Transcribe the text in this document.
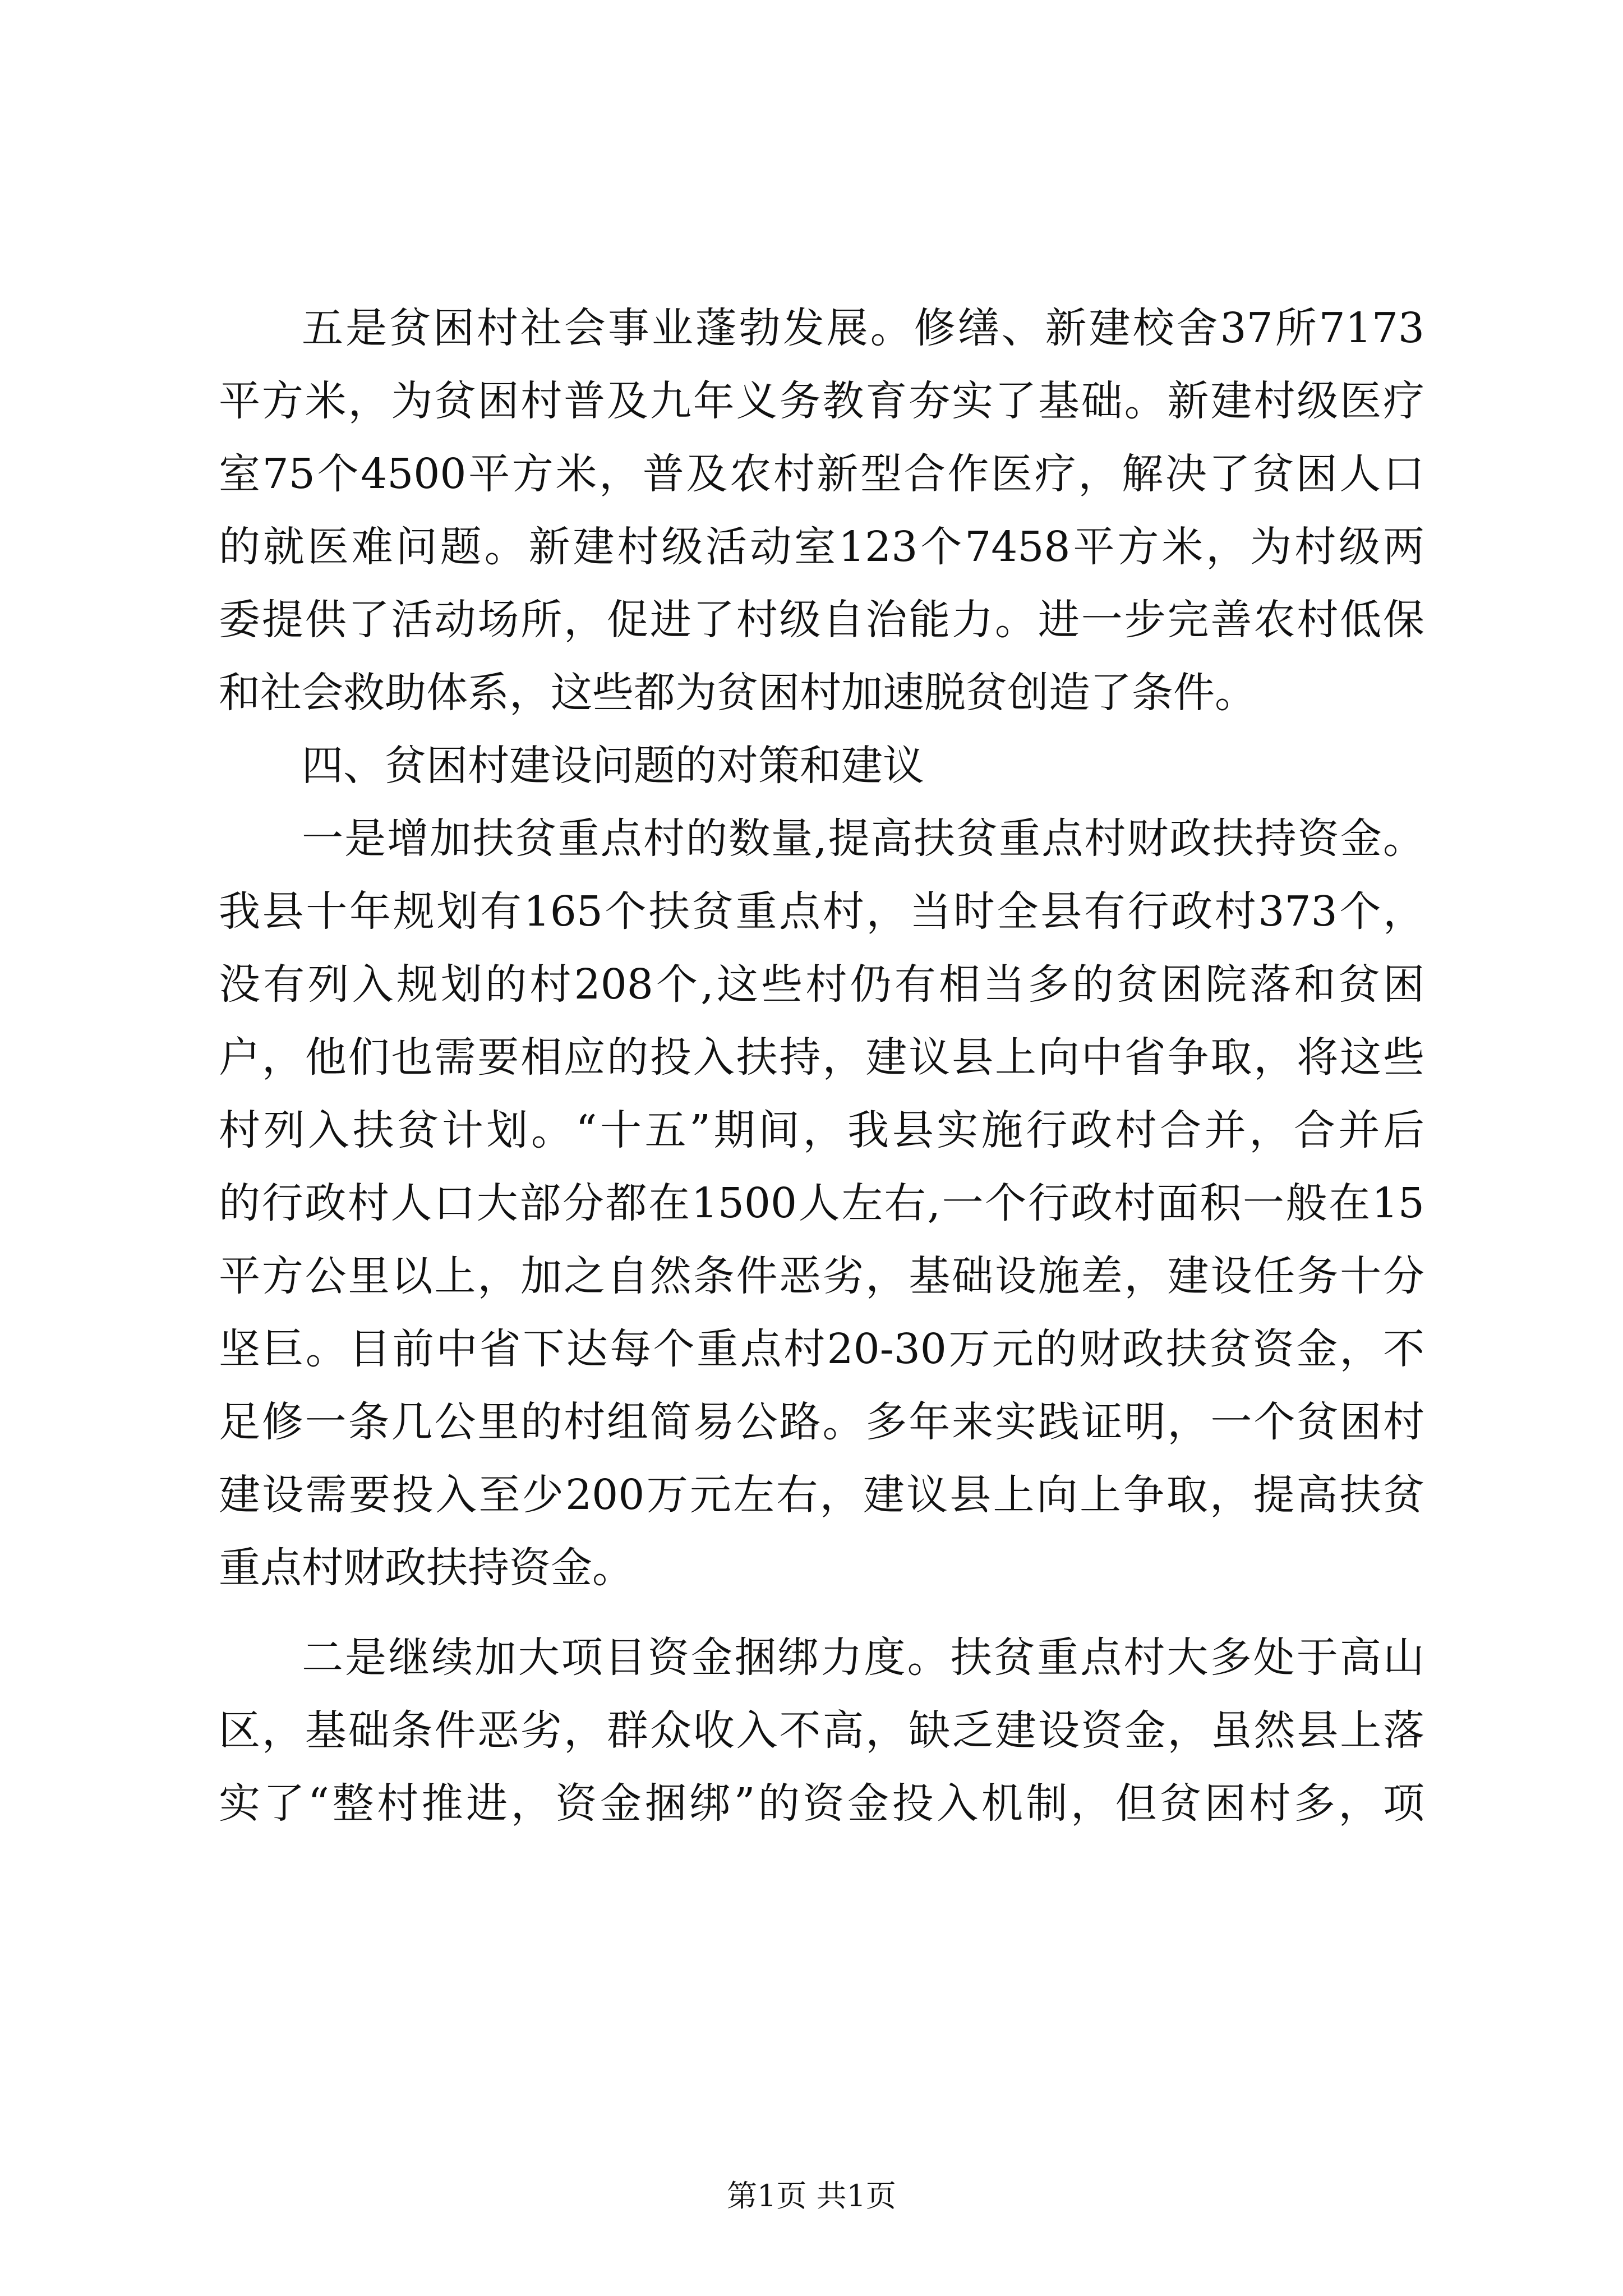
五是贫困村社会事业蓬勃发展。修缮、新建校舍37所7173
平方米，为贫困村普及九年义务教育夯实了基础。新建村级医疗
室75个4500平方米，普及农村新型合作医疗，解决了贫困人口
的就医难问题。新建村级活动室123个7458平方米，为村级两
委提供了活动场所，促进了村级自治能力。进一步完善农村低保
和社会救助体系，这些都为贫困村加速脱贫创造了条件。
四、贫困村建设问题的对策和建议
一是增加扶贫重点村的数量,提高扶贫重点村财政扶持资金。
我县十年规划有165个扶贫重点村，当时全县有行政村373个，
没有列入规划的村208个,这些村仍有相当多的贫困院落和贫困
户，他们也需要相应的投入扶持，建议县上向中省争取，将这些
村列入扶贫计划。“十五”期间，我县实施行政村合并，合并后
的行政村人口大部分都在1500人左右,一个行政村面积一般在15
平方公里以上，加之自然条件恶劣，基础设施差，建设任务十分
坚巨。目前中省下达每个重点村20-30万元的财政扶贫资金，不
足修一条几公里的村组简易公路。多年来实践证明，一个贫困村
建设需要投入至少200万元左右，建议县上向上争取，提高扶贫
重点村财政扶持资金。
二是继续加大项目资金捆绑力度。扶贫重点村大多处于高山
区，基础条件恶劣，群众收入不高，缺乏建设资金，虽然县上落
实了“整村推进，资金捆绑”的资金投入机制，但贫困村多，项
第1页 共1页
